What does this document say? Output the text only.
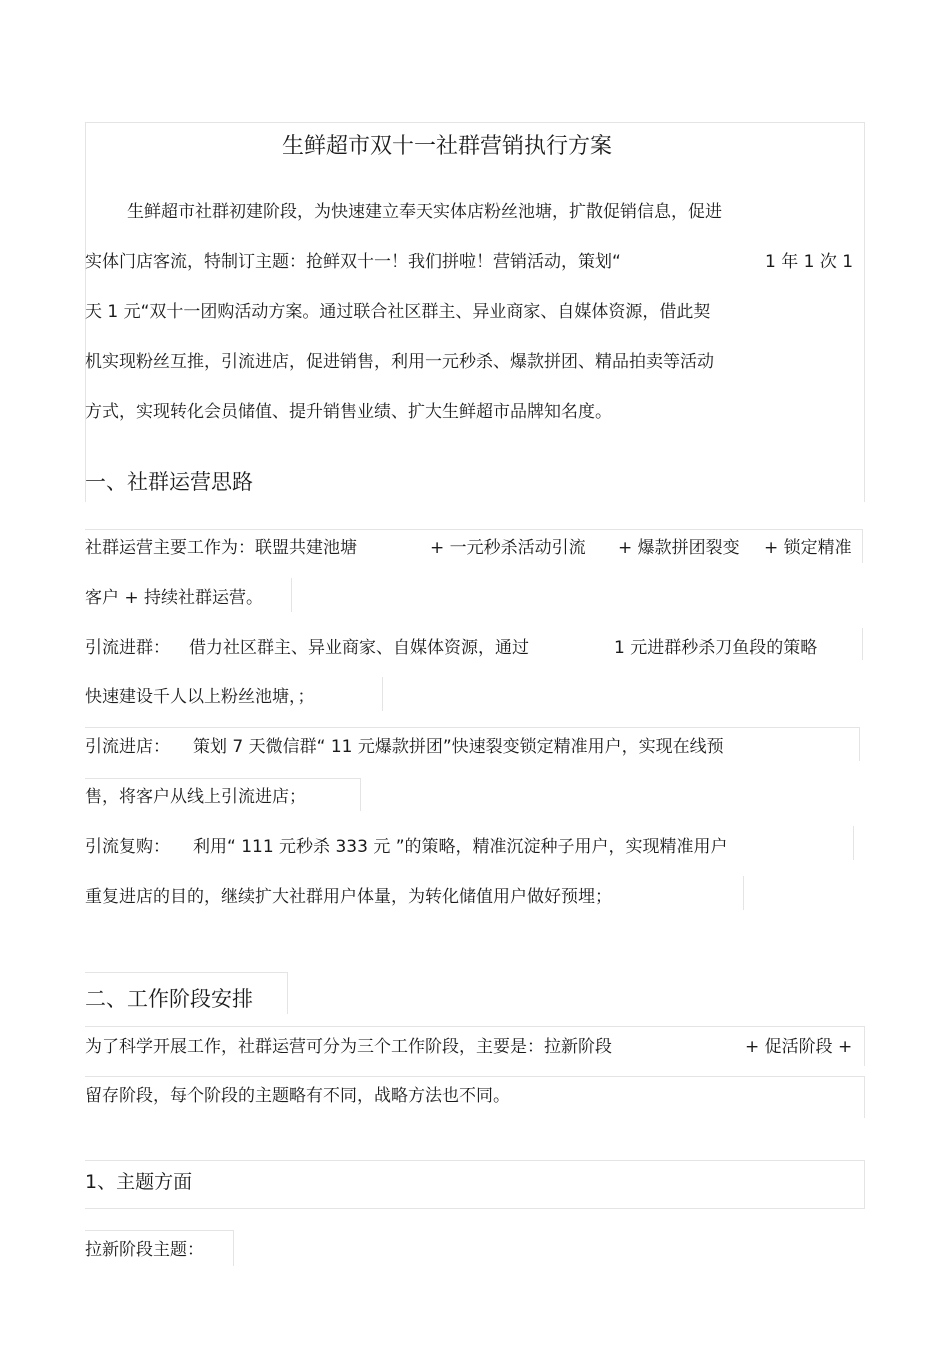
生鲜超市双十一社群营销执行方案
生鲜超市社群初建阶段，为快速建立奉天实体店粉丝池塘，扩散促销信息，促进
实体门店客流，特制订主题：抢鲜双十一！我们拼啦！营销活动，策划“	1 年 1 次 1
天 1 元“双十一团购活动方案。通过联合社区群主、异业商家、自媒体资源，借此契
机实现粉丝互推，引流进店，促进销售，利用一元秒杀、爆款拼团、精品拍卖等活动
方式，实现转化会员储值、提升销售业绩、扩大生鲜超市品牌知名度。
一、社群运营思路
社群运营主要工作为：联盟共建池塘	+ 一元秒杀活动引流 + 爆款拼团裂变 + 锁定精准
客户 + 持续社群运营。
引流进群： 借力社区群主、异业商家、自媒体资源，通过	1 元进群秒杀刀鱼段的策略
快速建设千人以上粉丝池塘，；
引流进店： 策划 7 天微信群“ 11 元爆款拼团”快速裂变锁定精准用户，实现在线预
售，将客户从线上引流进店；
引流复购： 利用“ 111 元秒杀 333 元 ”的策略，精准沉淀种子用户，实现精准用户
重复进店的目的，继续扩大社群用户体量，为转化储值用户做好预埋；
二、工作阶段安排
为了科学开展工作，社群运营可分为三个工作阶段，主要是：拉新阶段	+ 促活阶段 +
留存阶段，每个阶段的主题略有不同，战略方法也不同。
1、主题方面
拉新阶段主题：
